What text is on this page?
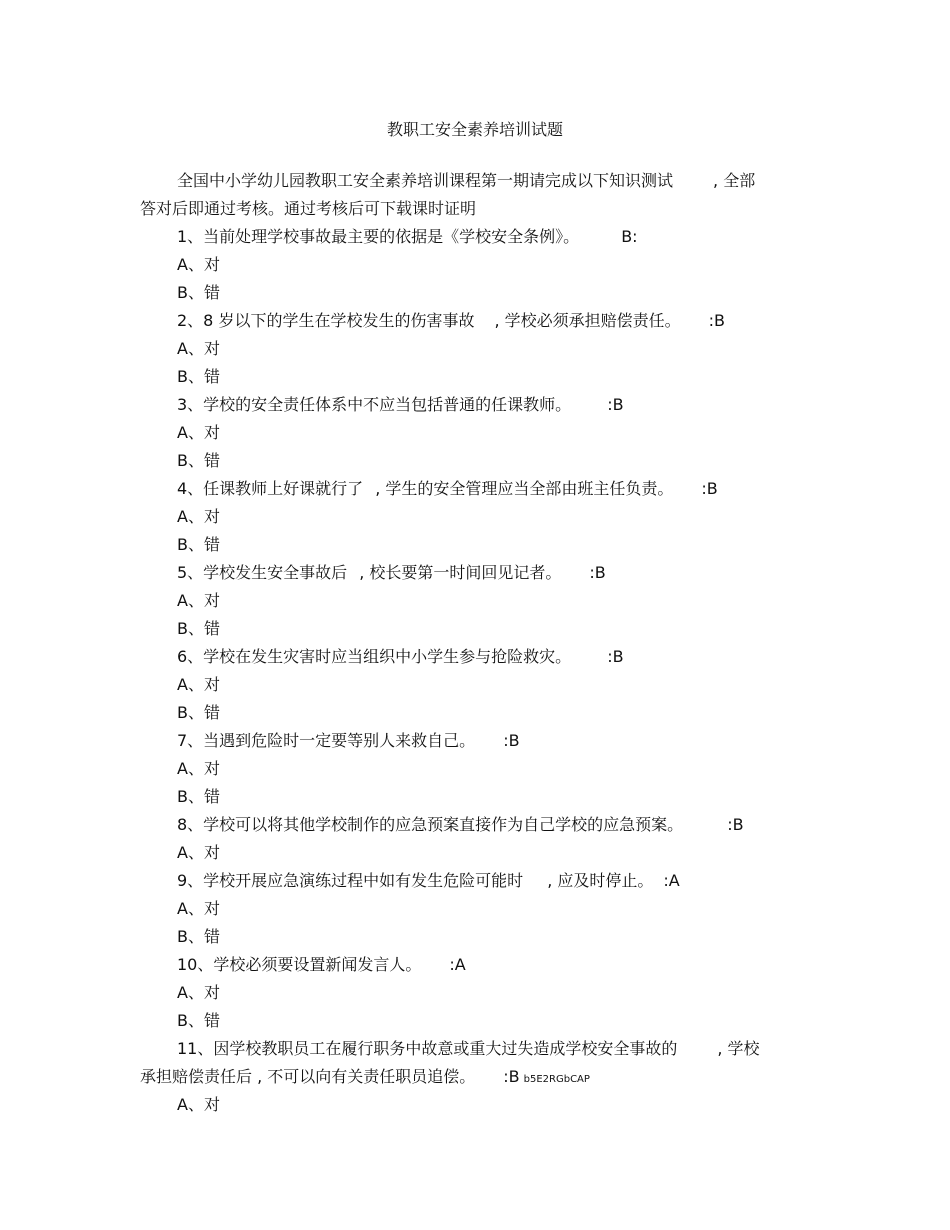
教职工安全素养培训试题
全国中小学幼儿园教职工安全素养培训课程第一期请完成以下知识测试	, 全部
答对后即通过考核。通过考核后可下载课时证明
1、当前处理学校事故最主要的依据是《学校安全条例》。	B:
A、对
B、错
2、8 岁以下的学生在学校发生的伤害事故 , 学校必须承担赔偿责任。 :B
A、对
B、错
3、学校的安全责任体系中不应当包括普通的任课教师。 :B
A、对
B、错
4、任课教师上好课就行了 , 学生的安全管理应当全部由班主任负责。 :B
A、对
B、错
5、学校发生安全事故后 , 校长要第一时间回见记者。 :B
A、对
B、错
6、学校在发生灾害时应当组织中小学生参与抢险救灾。 :B
A、对
B、错
7、当遇到危险时一定要等别人来救自己。 :B
A、对
B、错
8、学校可以将其他学校制作的应急预案直接作为自己学校的应急预案。	:B
A、对
9、学校开展应急演练过程中如有发生危险可能时 , 应及时停止。 :A
A、对
B、错
10、学校必须要设置新闻发言人。 :A
A、对
B、错
11、因学校教职员工在履行职务中故意或重大过失造成学校安全事故的	, 学校
承担赔偿责任后 , 不可以向有关责任职员追偿。 :B b5E2RGbCAP
A、对
